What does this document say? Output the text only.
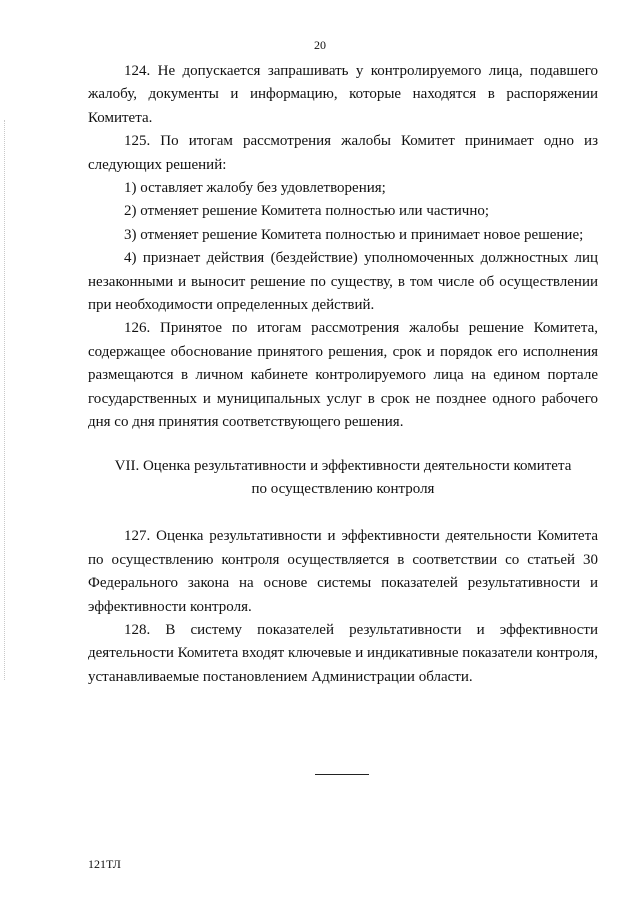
20

124. Не допускается запрашивать у контролируемого лица, подавшего жалобу, документы и информацию, которые находятся в распоряжении Комитета.

125. По итогам рассмотрения жалобы Комитет принимает одно из следующих решений:

1) оставляет жалобу без удовлетворения;

2) отменяет решение Комитета полностью или частично;

3) отменяет решение Комитета полностью и принимает новое решение;

4) признает действия (бездействие) уполномоченных должностных лиц незаконными и выносит решение по существу, в том числе об осуществлении при необходимости определенных действий.

126. Принятое по итогам рассмотрения жалобы решение Комитета, содержащее обоснование принятого решения, срок и порядок его исполнения размещаются в личном кабинете контролируемого лица на едином портале государственных и муниципальных услуг в срок не позднее одного рабочего дня со дня принятия соответствующего решения.

VII. Оценка результативности и эффективности деятельности комитета

по осуществлению контроля

127. Оценка результативности и эффективности деятельности Комитета по осуществлению контроля осуществляется в соответствии со статьей 30 Федерального закона на основе системы показателей результативности и эффективности контроля.

128. В систему показателей результативности и эффективности деятельности Комитета входят ключевые и индикативные показатели контроля, устанавливаемые постановлением Администрации области.

121ТЛ
